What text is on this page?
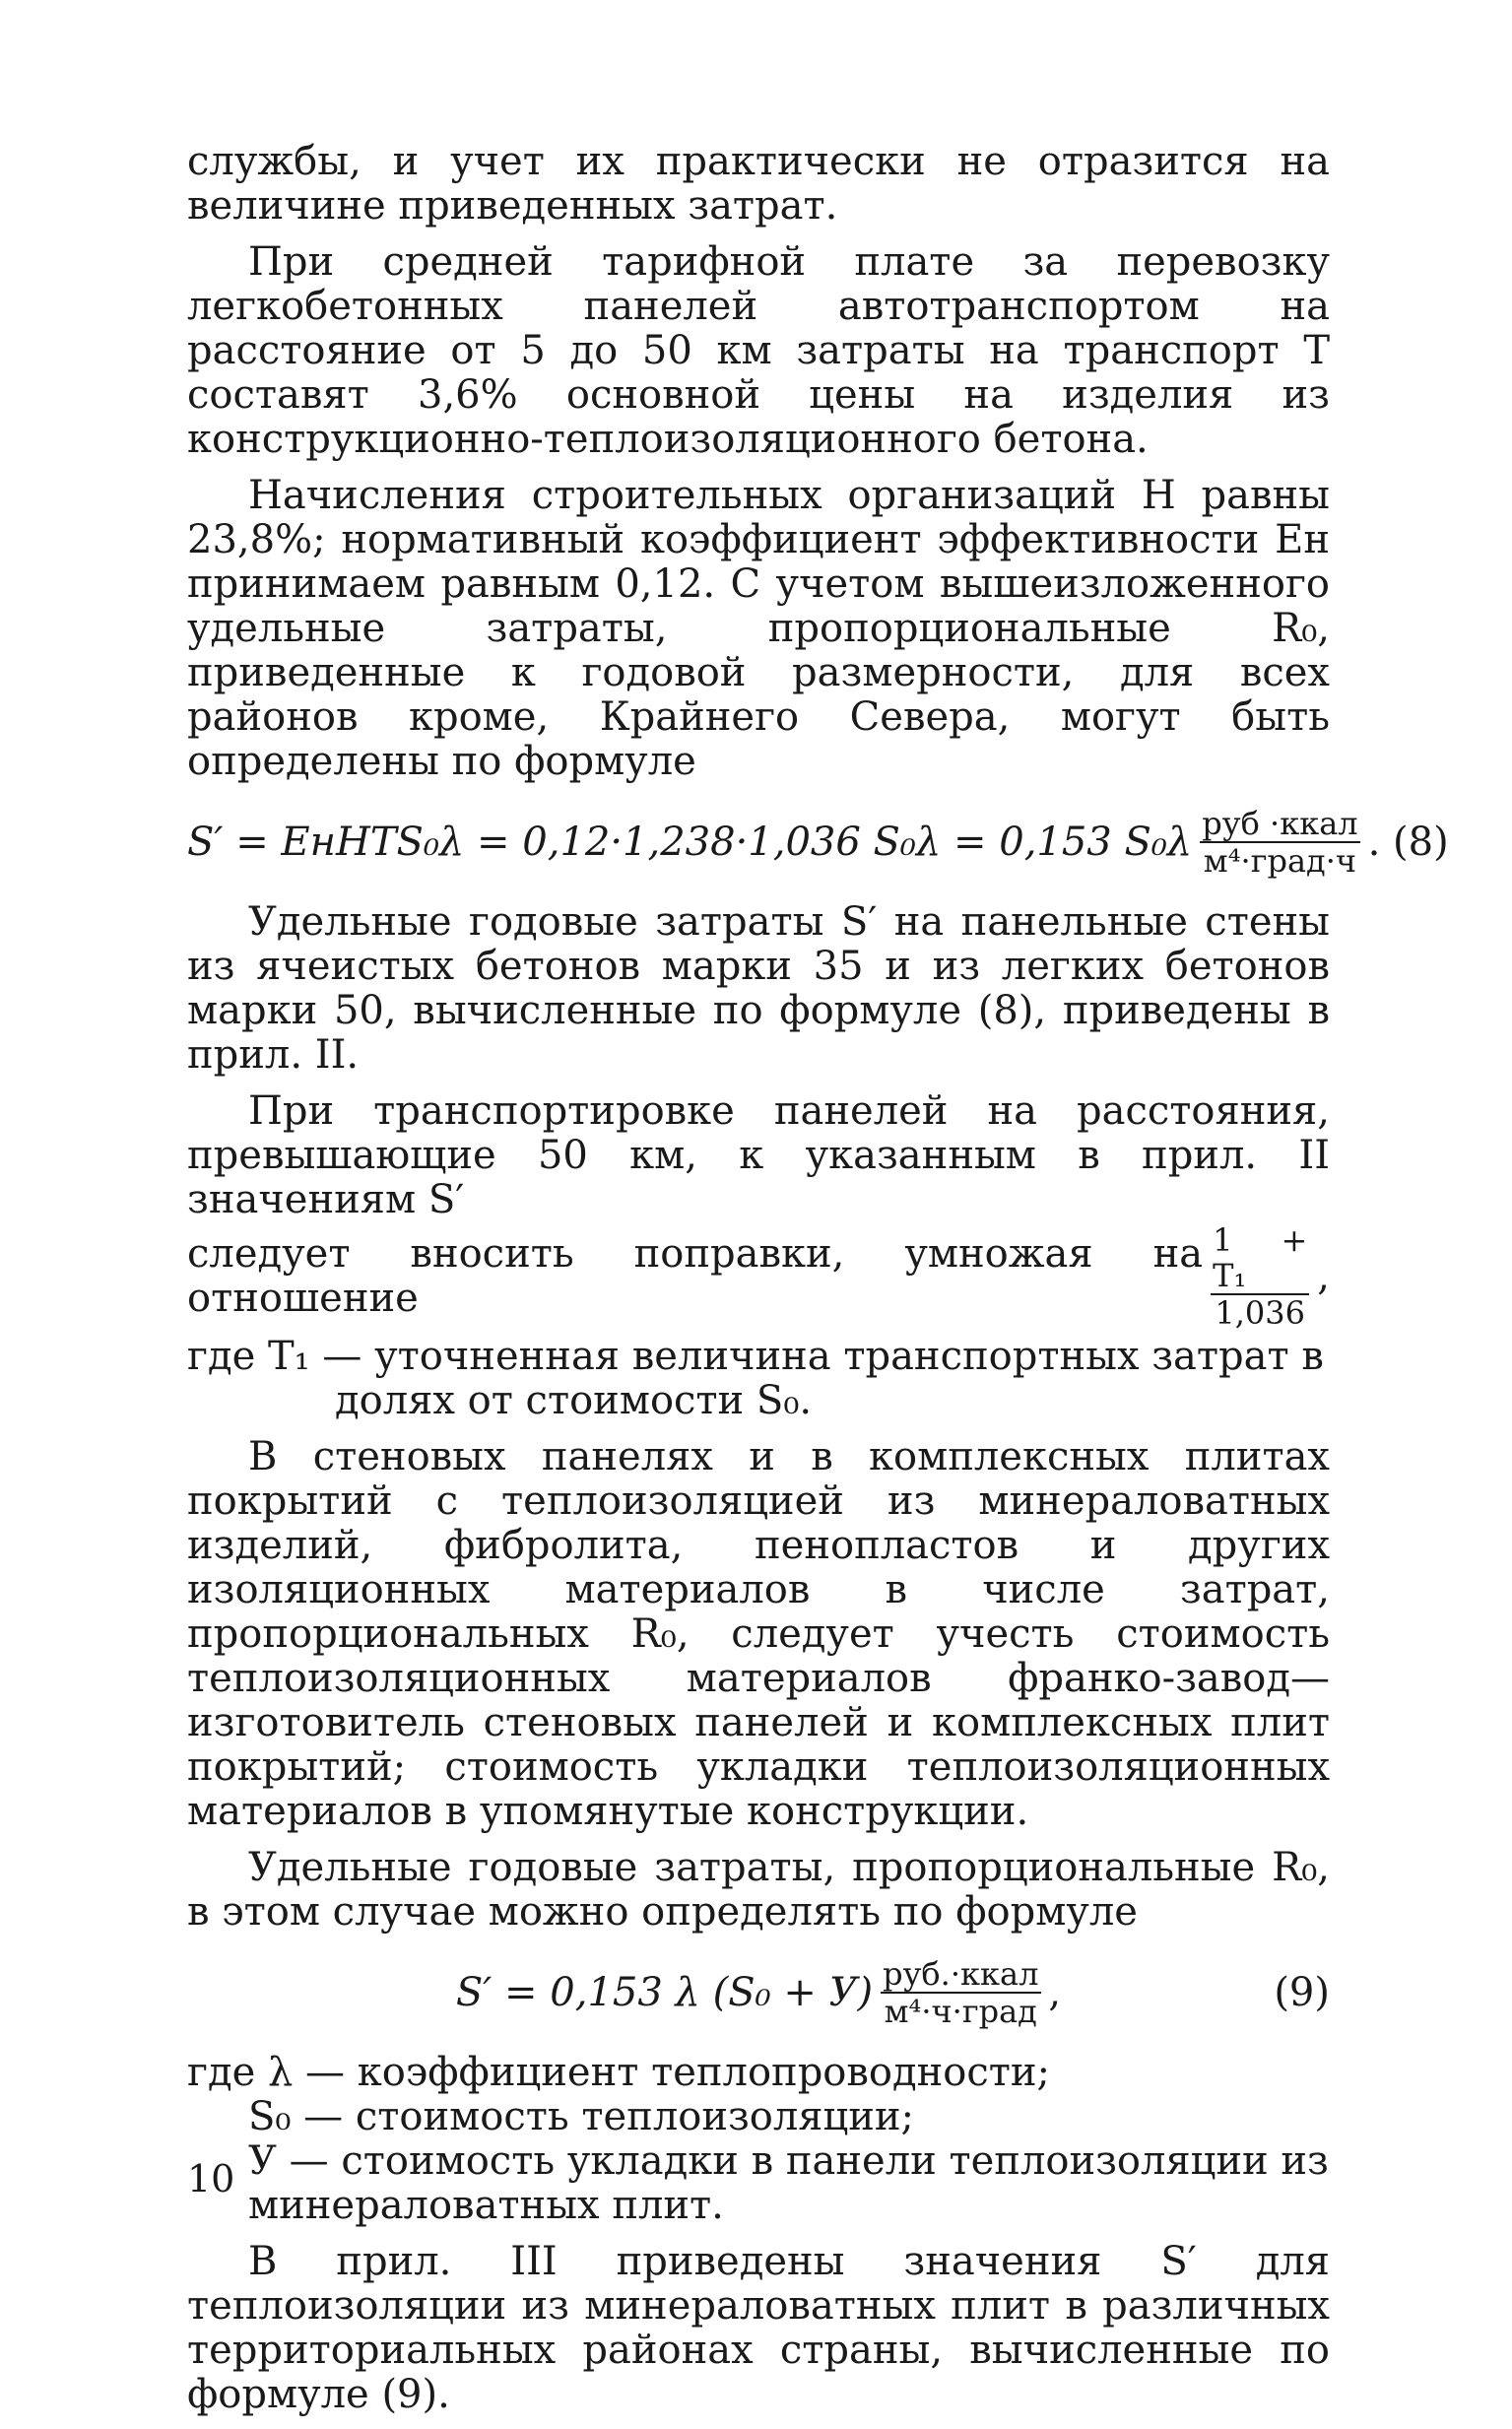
службы, и учет их практически не отразится на величине приведенных затрат.

При средней тарифной плате за перевозку легкобетонных панелей автотранспортом на расстояние от 5 до 50 км затраты на транспорт T составят 3,6% основной цены на изделия из конструкционно-теплоизоляционного бетона.

Начисления строительных организаций H равны 23,8%; нормативный коэффициент эффективности Eн принимаем равным 0,12. С учетом вышеизложенного удельные затраты, пропорциональные R₀, приведенные к годовой размерности, для всех районов кроме, Крайнего Севера, могут быть определены по формуле

S′ = EнHTS₀λ = 0,12·1,238·1,036 S₀λ = 0,153 $S_0\lambda \frac{\text{руб ·ккал}}{\text{м⁴·град·ч}}$ . (8)

Удельные годовые затраты S′ на панельные стены из ячеистых бетонов марки 35 и из легких бетонов марки 50, вычисленные по формуле (8), приведены в прил. II.

При транспортировке панелей на расстояния, превышающие 50 км, к указанным в прил. II значениям S′

следует вносить поправки, умножая на отношение	$\frac{\text{1 + T₁}}{1,036}$ ,

где T₁ — уточненная величина транспортных затрат в
долях от стоимости S₀.

В стеновых панелях и в комплексных плитах покрытий с теплоизоляцией из минераловатных изделий, фибролита, пенопластов и других изоляционных материалов в числе затрат, пропорциональных R₀, следует учесть стоимость теплоизоляционных материалов франко-завод—изготовитель стеновых панелей и комплексных плит покрытий; стоимость укладки теплоизоляционных материалов в упомянутые конструкции.

Удельные годовые затраты, пропорциональные R₀, в этом случае можно определять по формуле

S′ = 0,153 λ $(S_0 + У) \frac{\text{руб.·ккал}}{\text{м⁴·ч·град}}$ ,	(9)
где λ — коэффициент теплопроводности;
S₀ — стоимость теплоизоляции;
У — стоимость укладки в панели теплоизоляции из минераловатных плит.

В прил. III приведены значения S′ для теплоизоляции из минераловатных плит в различных территориальных районах страны, вычисленные по формуле (9).

10
